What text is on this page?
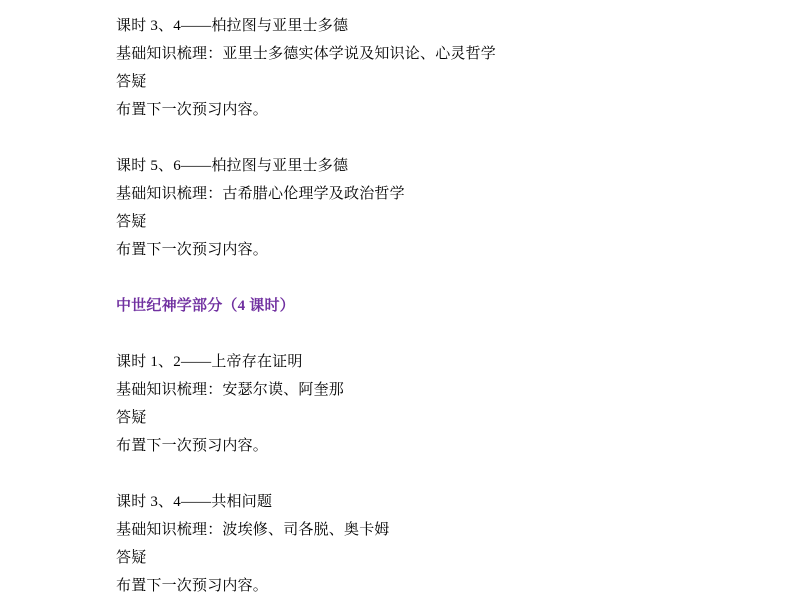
课时 3、4——柏拉图与亚里士多德
基础知识梳理：亚里士多德实体学说及知识论、心灵哲学
答疑
布置下一次预习内容。
课时 5、6——柏拉图与亚里士多德
基础知识梳理：古希腊心伦理学及政治哲学
答疑
布置下一次预习内容。
中世纪神学部分（4 课时）
课时 1、2——上帝存在证明
基础知识梳理：安瑟尔谟、阿奎那
答疑
布置下一次预习内容。
课时 3、4——共相问题
基础知识梳理：波埃修、司各脱、奥卡姆
答疑
布置下一次预习内容。
